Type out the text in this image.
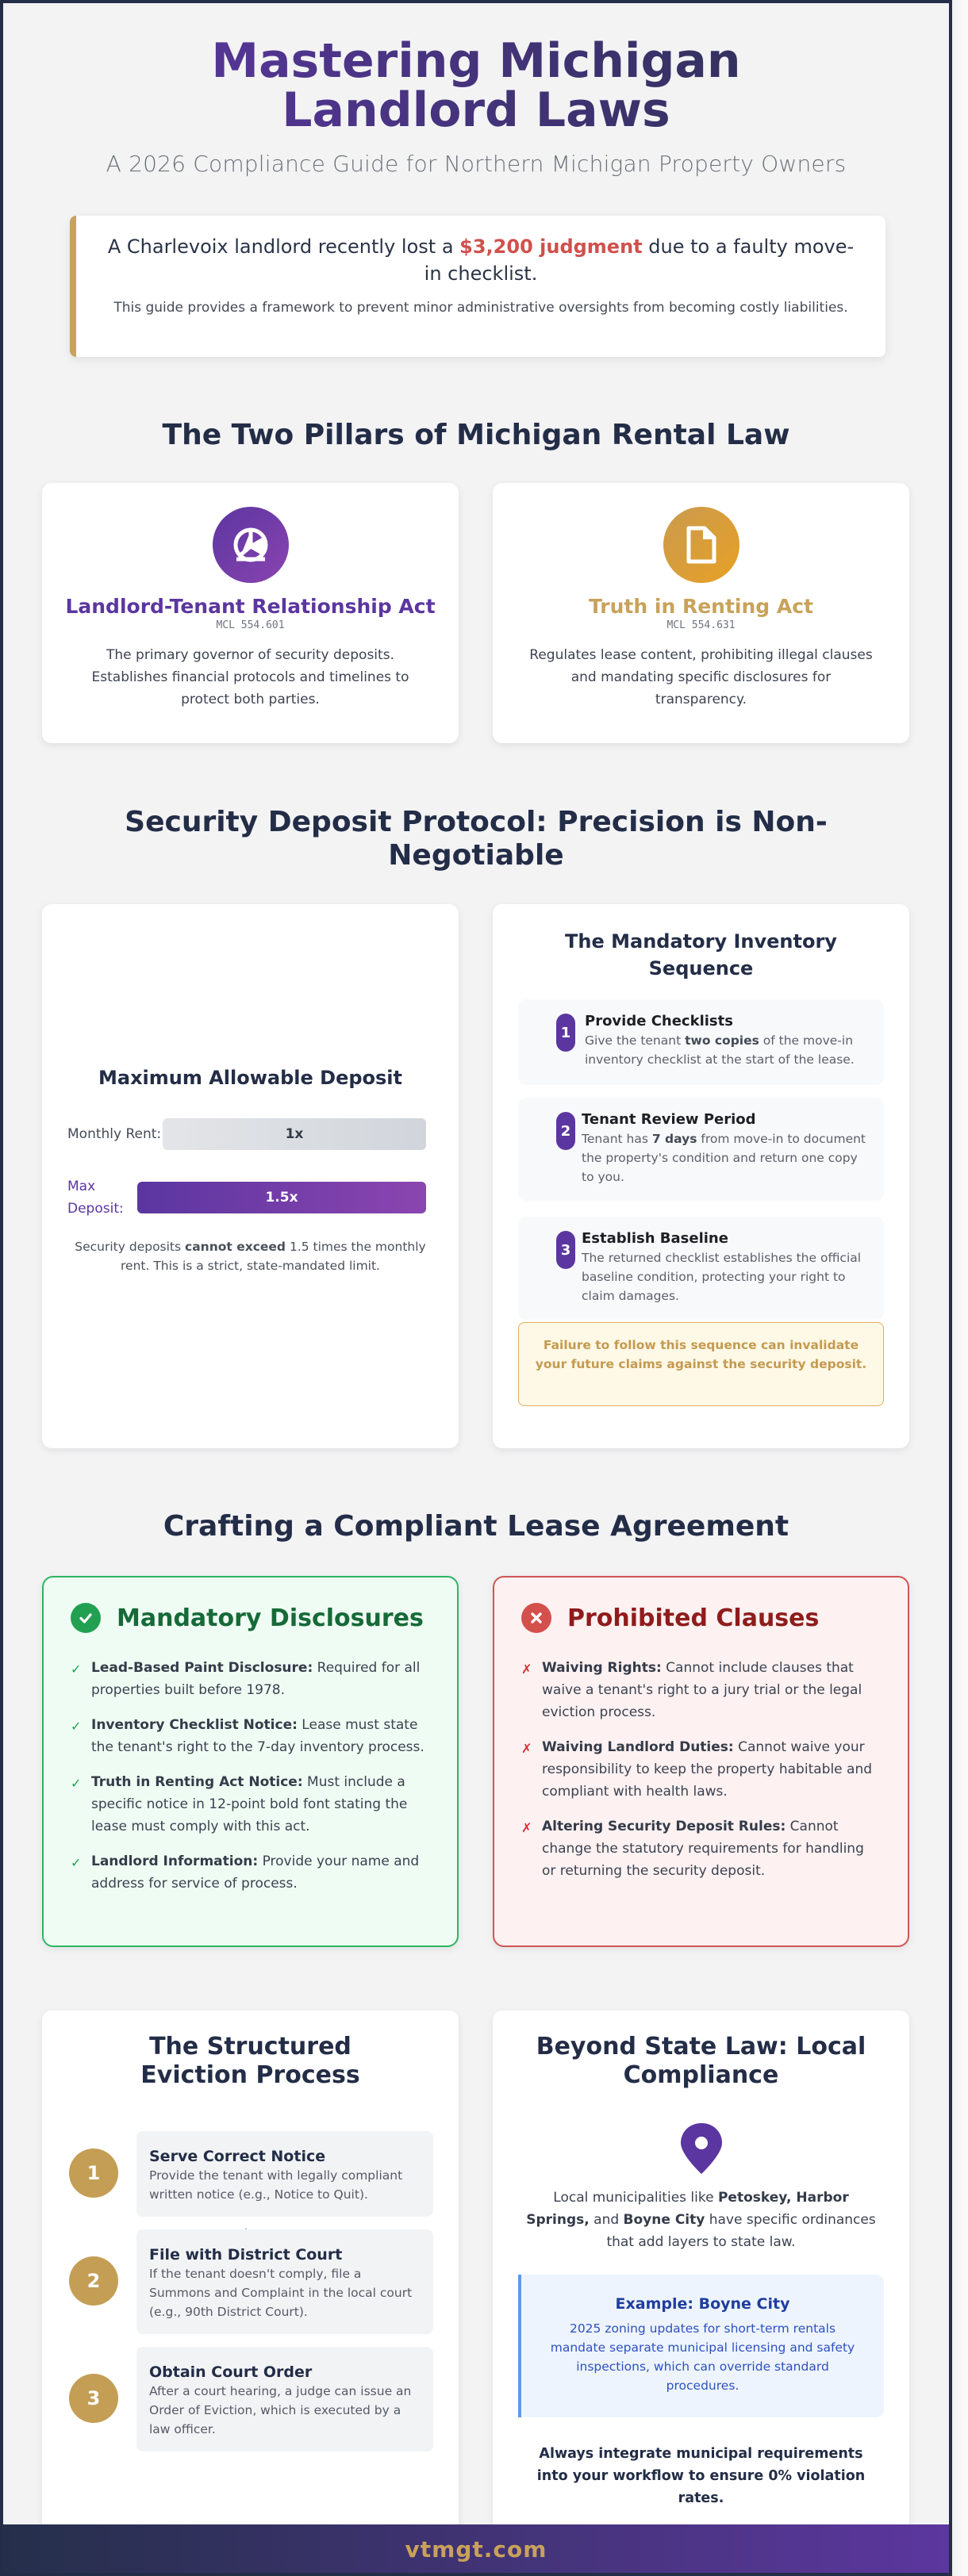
Mastering Michigan Landlord Laws
A 2026 Compliance Guide for Northern Michigan Property Owners
A Charlevoix landlord recently lost a $3,200 judgment due to a faulty move-in checklist.
This guide provides a framework to prevent minor administrative oversights from becoming costly liabilities.
The Two Pillars of Michigan Rental Law
Landlord-Tenant Relationship Act
MCL 554.601

The primary governor of security deposits. Establishes financial protocols and timelines to protect both parties.

Truth in Renting Act
MCL 554.631

Regulates lease content, prohibiting illegal clauses and mandating specific disclosures for transparency.

Security Deposit Protocol: Precision is Non-Negotiable
Maximum Allowable Deposit
Monthly Rent:	1x
Max Deposit:
1.5x
Security deposits cannot exceed 1.5 times the monthly rent. This is a strict, state-mandated limit.
The Mandatory Inventory Sequence
1
Provide Checklists

Give the tenant two copies of the move-in inventory checklist at the start of the lease.

2
Tenant Review Period

Tenant has 7 days from move-in to document the property's condition and return one copy to you.

3
Establish Baseline

The returned checklist establishes the official baseline condition, protecting your right to claim damages.

Failure to follow this sequence can invalidate your future claims against the security deposit.
Crafting a Compliant Lease Agreement
Mandatory Disclosures
✓ Lead-Based Paint Disclosure: Required for all properties built before 1978.
✓ Inventory Checklist Notice: Lease must state the tenant's right to the 7-day inventory process.
✓ Truth in Renting Act Notice: Must include a specific notice in 12-point bold font stating the lease must comply with this act.
✓ Landlord Information: Provide your name and address for service of process.
Prohibited Clauses
✗ Waiving Rights: Cannot include clauses that waive a tenant's right to a jury trial or the legal eviction process.
✗ Waiving Landlord Duties: Cannot waive your responsibility to keep the property habitable and compliant with health laws.
✗ Altering Security Deposit Rules: Cannot change the statutory requirements for handling or returning the security deposit.
The Structured Eviction Process
1
Serve Correct Notice

Provide the tenant with legally compliant written notice (e.g., Notice to Quit).

2
File with District Court

If the tenant doesn't comply, file a Summons and Complaint in the local court (e.g., 90th District Court).

3
Obtain Court Order

After a court hearing, a judge can issue an Order of Eviction, which is executed by a law officer.

Beyond State Law: Local Compliance
Local municipalities like Petoskey, Harbor Springs, and Boyne City have specific ordinances that add layers to state law.
Example: Boyne City

2025 zoning updates for short-term rentals mandate separate municipal licensing and safety inspections, which can override standard procedures.

Always integrate municipal requirements into your workflow to ensure 0% violation rates.
vtmgt.com
